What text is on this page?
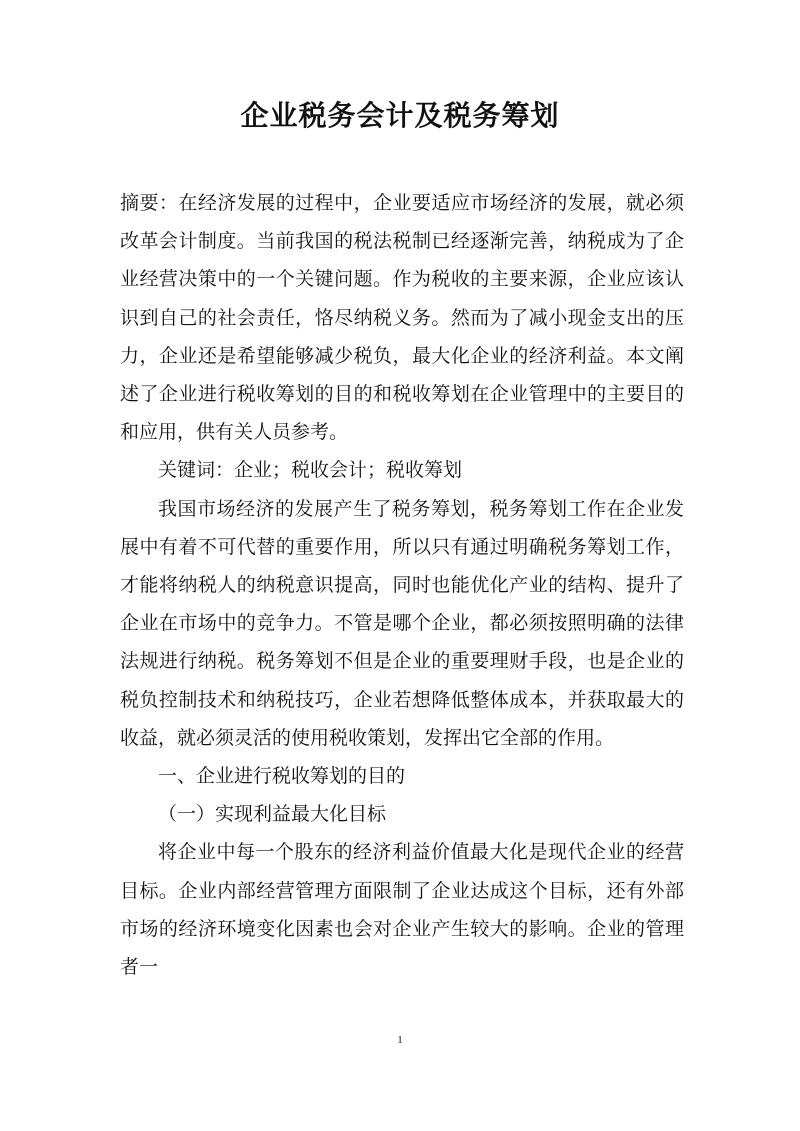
企业税务会计及税务筹划

摘要：在经济发展的过程中，企业要适应市场经济的发展，就必须改革会计制度。当前我国的税法税制已经逐渐完善，纳税成为了企业经营决策中的一个关键问题。作为税收的主要来源，企业应该认识到自己的社会责任，恪尽纳税义务。然而为了减小现金支出的压力，企业还是希望能够减少税负，最大化企业的经济利益。本文阐述了企业进行税收筹划的目的和税收筹划在企业管理中的主要目的和应用，供有关人员参考。

关键词：企业；税收会计；税收筹划

我国市场经济的发展产生了税务筹划，税务筹划工作在企业发展中有着不可代替的重要作用，所以只有通过明确税务筹划工作，才能将纳税人的纳税意识提高，同时也能优化产业的结构、提升了企业在市场中的竞争力。不管是哪个企业，都必须按照明确的法律法规进行纳税。税务筹划不但是企业的重要理财手段，也是企业的税负控制技术和纳税技巧，企业若想降低整体成本，并获取最大的收益，就必须灵活的使用税收策划，发挥出它全部的作用。

一、企业进行税收筹划的目的

（一）实现利益最大化目标

将企业中每一个股东的经济利益价值最大化是现代企业的经营目标。企业内部经营管理方面限制了企业达成这个目标，还有外部市场的经济环境变化因素也会对企业产生较大的影响。企业的管理者一

1
